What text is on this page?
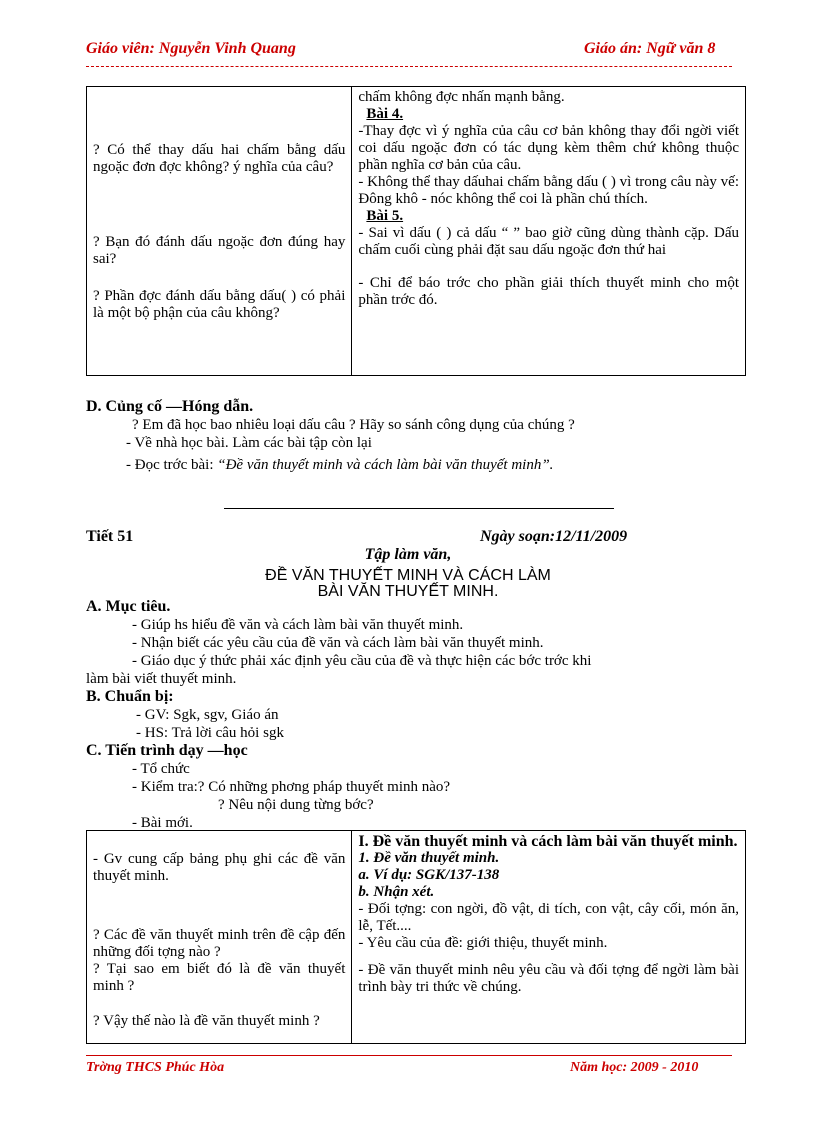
Giáo viên: Nguyễn Vinh Quang	Giáo án: Ngữ văn 8
? Có thể thay dấu hai chấm bằng dấu ngoặc đơn đợc không? ý nghĩa của câu?
? Bạn đó đánh dấu ngoặc đơn đúng hay sai?
? Phần đợc đánh dấu bằng dấu( ) có phải là một bộ phận của câu không?

chấm không đợc nhấn mạnh bằng.
Bài 4.
-Thay đợc vì ý nghĩa của câu cơ bản không thay đổi ngời viết coi dấu ngoặc đơn có tác dụng kèm thêm chứ không thuộc phần nghĩa cơ bản của câu.
- Không thể thay dấuhai chấm bằng dấu ( ) vì trong câu này vế: Đông khô - nóc không thể coi là phần chú thích.
Bài 5.
- Sai vì dấu ( ) cả dấu “ ” bao giờ cũng dùng thành cặp. Dấu chấm cuối cùng phải đặt sau dấu ngoặc đơn thứ hai
- Chỉ để báo trớc cho phần giải thích thuyết minh cho một phần trớc đó.
D. Củng cố —Hóng dẫn.
? Em đã học bao nhiêu loại dấu câu ? Hãy so sánh công dụng của chúng ?
- Về nhà học bài. Làm các bài tập còn lại
- Đọc trớc bài: “Đề văn thuyết minh và cách làm bài văn thuyết minh”.
Tiết 51	Ngày soạn:12/11/2009
Tập làm văn,
ĐỀ VĂN THUYẾT MINH VÀ CÁCH LÀM
BÀI VĂN THUYẾT MINH.
A. Mục tiêu.
- Giúp hs hiểu đề văn và cách làm bài văn thuyết minh.
- Nhận biết các yêu cầu của đề văn và cách làm bài văn thuyết minh.
- Giáo dục ý thức phải xác định yêu cầu của đề và thực hiện các bớc trớc khi
làm bài viết thuyết minh.
B. Chuẩn bị:
- GV: Sgk, sgv, Giáo án
- HS: Trả lời câu hỏi sgk
C. Tiến trình dạy —học
- Tổ chức
- Kiểm tra:? Có những phơng pháp thuyết minh nào?
? Nêu nội dung từng bớc?
- Bài mới.
- Gv cung cấp bảng phụ ghi các đề văn thuyết minh.
? Các đề văn thuyết minh trên đề cập đến những đối tợng nào ?
? Tại sao em biết đó là đề văn thuyết minh ?
? Vậy thế nào là đề văn thuyết minh ?

I. Đề văn thuyết minh và cách làm bài văn thuyết minh.
1. Đề văn thuyết minh.
a. Ví dụ: SGK/137-138
b. Nhận xét.
- Đối tợng: con ngời, đồ vật, di tích, con vật, cây cối, món ăn, lễ, Tết....
- Yêu cầu của đề: giới thiệu, thuyết minh.
- Đề văn thuyết minh nêu yêu cầu và đối tợng để ngời làm bài trình bày tri thức về chúng.
Trờng THCS Phúc Hòa	Năm học: 2009 - 2010
